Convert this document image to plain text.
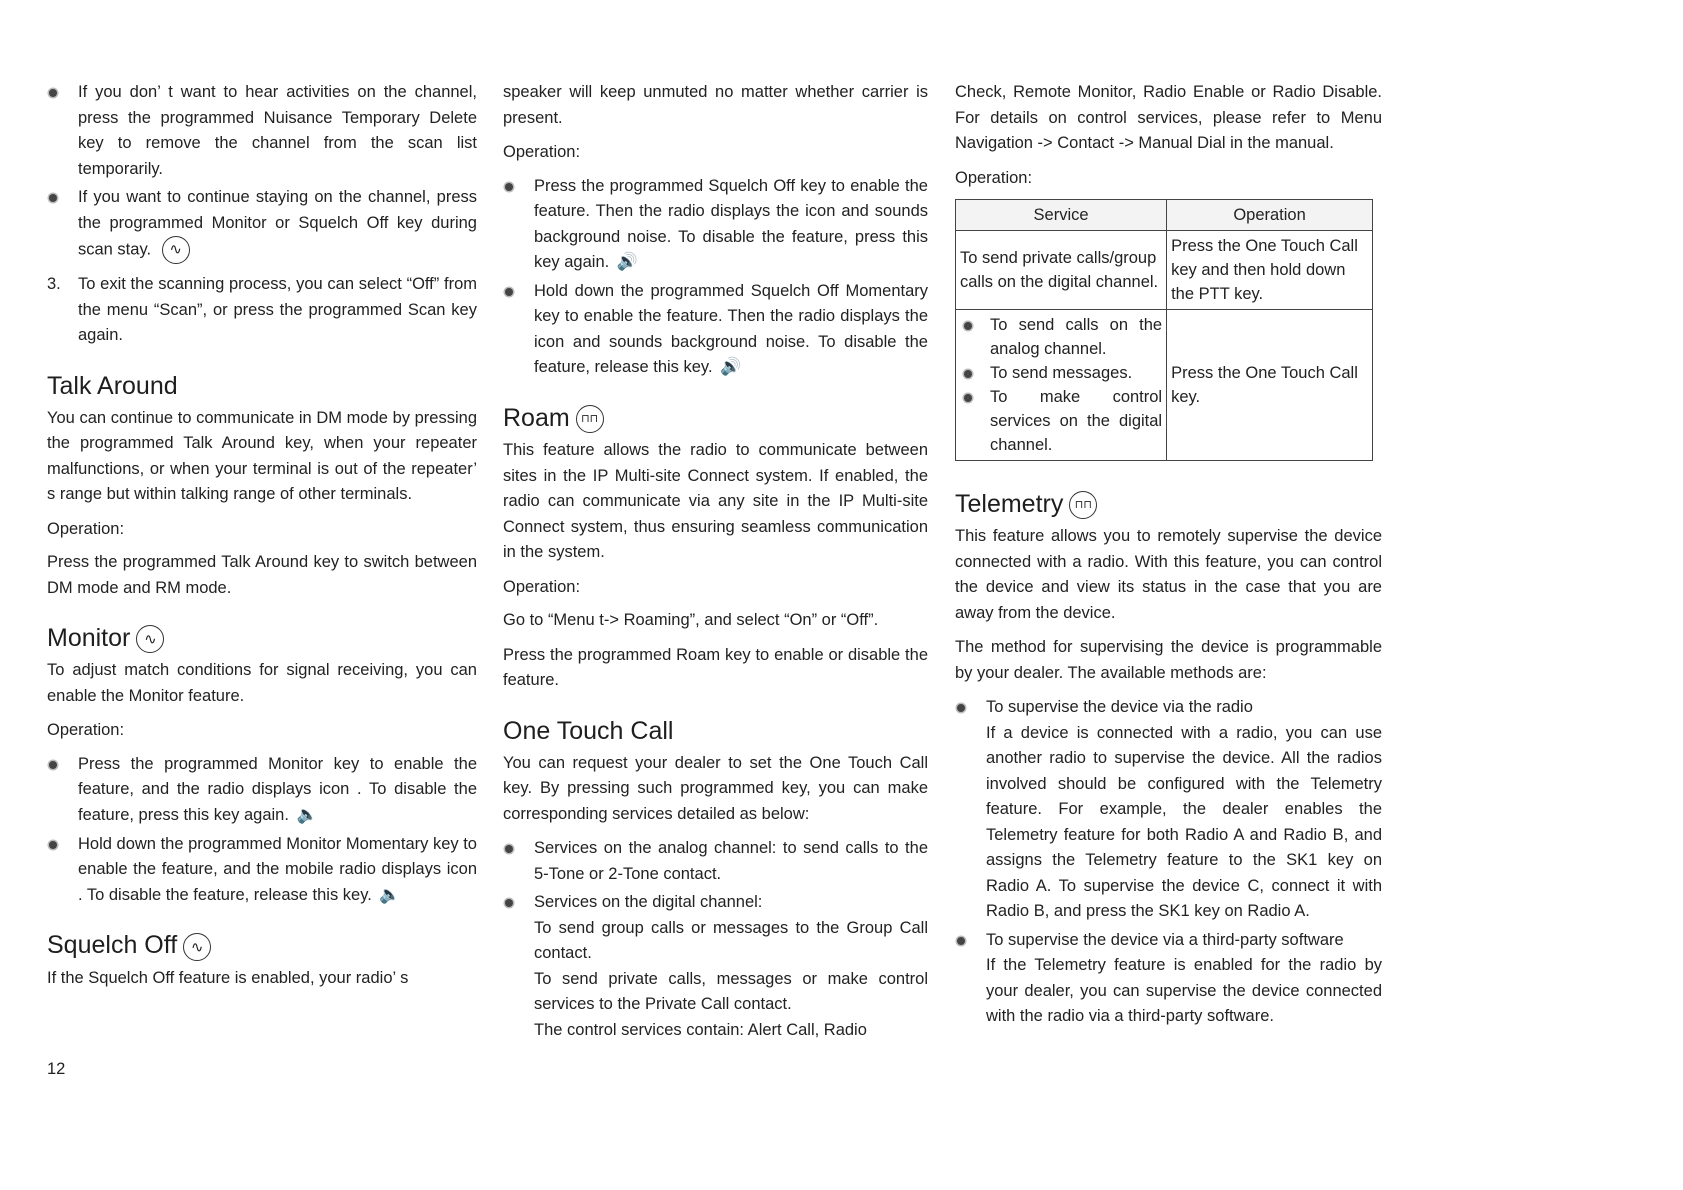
If you don’ t want to hear activities on the channel, press the programmed Nuisance Temporary Delete key to remove the channel from the scan list temporarily.
If you want to continue staying on the channel, press the programmed Monitor or Squelch Off key during scan stay. ∿
3. To exit the scanning process, you can select “Off” from the menu “Scan”, or press the programmed Scan key again.
Talk Around

You can continue to communicate in DM mode by pressing the programmed Talk Around key, when your repeater malfunctions, or when your terminal is out of the repeater’ s range but within talking range of other terminals.

Operation:

Press the programmed Talk Around key to switch between DM mode and RM mode.

Monitor ∿

To adjust match conditions for signal receiving, you can enable the Monitor feature.

Operation:

Press the programmed Monitor key to enable the feature, and the radio displays icon . To disable the feature, press this key again. 🔈
Hold down the programmed Monitor Momentary key to enable the feature, and the mobile radio displays icon . To disable the feature, release this key. 🔈
Squelch Off ∿

If the Squelch Off feature is enabled, your radio’ s

speaker will keep unmuted no matter whether carrier is present.

Operation:

Press the programmed Squelch Off key to enable the feature. Then the radio displays the icon and sounds background noise. To disable the feature, press this key again. 🔊
Hold down the programmed Squelch Off Momentary key to enable the feature. Then the radio displays the icon and sounds background noise. To disable the feature, release this key. 🔊
Roam ⊓⊓

This feature allows the radio to communicate between sites in the IP Multi-site Connect system. If enabled, the radio can communicate via any site in the IP Multi-site Connect system, thus ensuring seamless communication in the system.

Operation:

Go to “Menu t-> Roaming”, and select “On” or “Off”.

Press the programmed Roam key to enable or disable the feature.

One Touch Call

You can request your dealer to set the One Touch Call key. By pressing such programmed key, you can make corresponding services detailed as below:

Services on the analog channel: to send calls to the 5-Tone or 2-Tone contact.
Services on the digital channel:
To send group calls or messages to the Group Call contact.
To send private calls, messages or make control services to the Private Call contact.
The control services contain: Alert Call, Radio

Check, Remote Monitor, Radio Enable or Radio Disable. For details on control services, please refer to Menu Navigation -> Contact -> Manual Dial in the manual.

Operation:

Service	Operation
To send private calls/group calls on the digital channel.	Press the One Touch Call key and then hold down the PTT key.

To send calls on the analog channel.
To send messages.
To make control services on the digital channel.	Press the One Touch Call key.
Telemetry ⊓⊓

This feature allows you to remotely supervise the device connected with a radio. With this feature, you can control the device and view its status in the case that you are away from the device.

The method for supervising the device is programmable by your dealer. The available methods are:

To supervise the device via the radio
If a device is connected with a radio, you can use another radio to supervise the device. All the radios involved should be configured with the Telemetry feature. For example, the dealer enables the Telemetry feature for both Radio A and Radio B, and assigns the Telemetry feature to the SK1 key on Radio A. To supervise the device C, connect it with Radio B, and press the SK1 key on Radio A.
To supervise the device via a third-party software
If the Telemetry feature is enabled for the radio by your dealer, you can supervise the device connected with the radio via a third-party software.
12
